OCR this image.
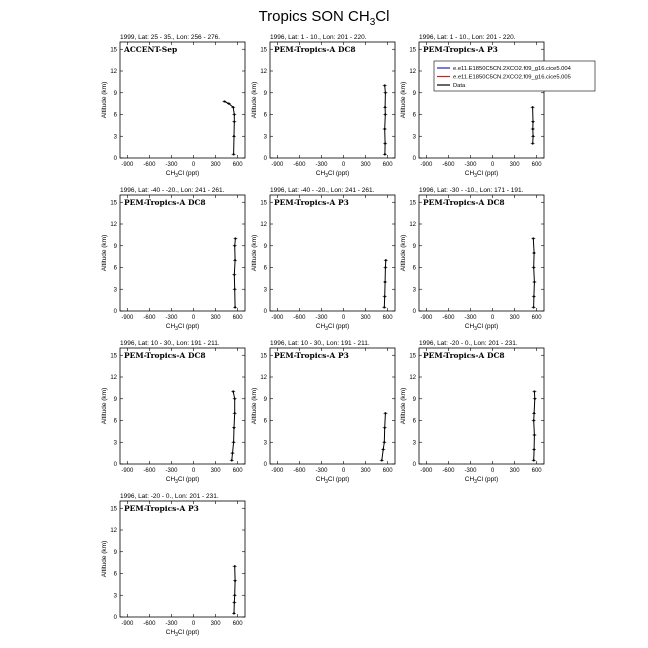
Tropics SON $CH_3Cl$
1999, Lat: 25 - 35., Lon: 256 - 276.
ACCENT-Sep
-900 -600 -300 0	300 600
0
3
6
9
12
15
$CH_3Cl$ (ppt)
Altitude (km)
1996, Lat: 1 - 10., Lon: 201 - 220.
PEM-Tropics-A DC8
-900 -600 -300 0	300 600
0
3
6
9
12
15
$CH_3Cl$ (ppt)
Altitude (km)
1996, Lat: 1 - 10., Lon: 201 - 220.
PEM-Tropics-A P3
-900 -600 -300 0	300 600
0
3
6
9
12
15
$CH_3Cl$ (ppt)
Altitude (km)
e.e11.E1850C5CN.2XCO2.f09_g16.cice5.004
e.e11.E1850C5CN.2XCO2.f09_g16.cice5.005
Data
1996, Lat: -40 - -20., Lon: 241 - 261.
PEM-Tropics-A DC8
-900 -600 -300 0	300 600
0
3
6
9
12
15
$CH_3Cl$ (ppt)
Altitude (km)
1996, Lat: -40 - -20., Lon: 241 - 261.
PEM-Tropics-A P3
-900 -600 -300 0	300 600
0
3
6
9
12
15
$CH_3Cl$ (ppt)
Altitude (km)
1996, Lat: -30 - -10., Lon: 171 - 191.
PEM-Tropics-A DC8
-900 -600 -300 0	300 600
0
3
6
9
12
15
$CH_3Cl$ (ppt)
Altitude (km)
1996, Lat: 10 - 30., Lon: 191 - 211.
PEM-Tropics-A DC8
-900 -600 -300 0	300 600
0
3
6
9
12
15
$CH_3Cl$ (ppt)
Altitude (km)
1996, Lat: 10 - 30., Lon: 191 - 211.
PEM-Tropics-A P3
-900 -600 -300 0	300 600
0
3
6
9
12
15
$CH_3Cl$ (ppt)
Altitude (km)
1996, Lat: -20 - 0., Lon: 201 - 231.
PEM-Tropics-A DC8
-900 -600 -300 0	300 600
0
3
6
9
12
15
$CH_3Cl$ (ppt)
Altitude (km)
1996, Lat: -20 - 0., Lon: 201 - 231.
PEM-Tropics-A P3
-900 -600 -300 0	300 600
0
3
6
9
12
15
$CH_3Cl$ (ppt)
Altitude (km)
